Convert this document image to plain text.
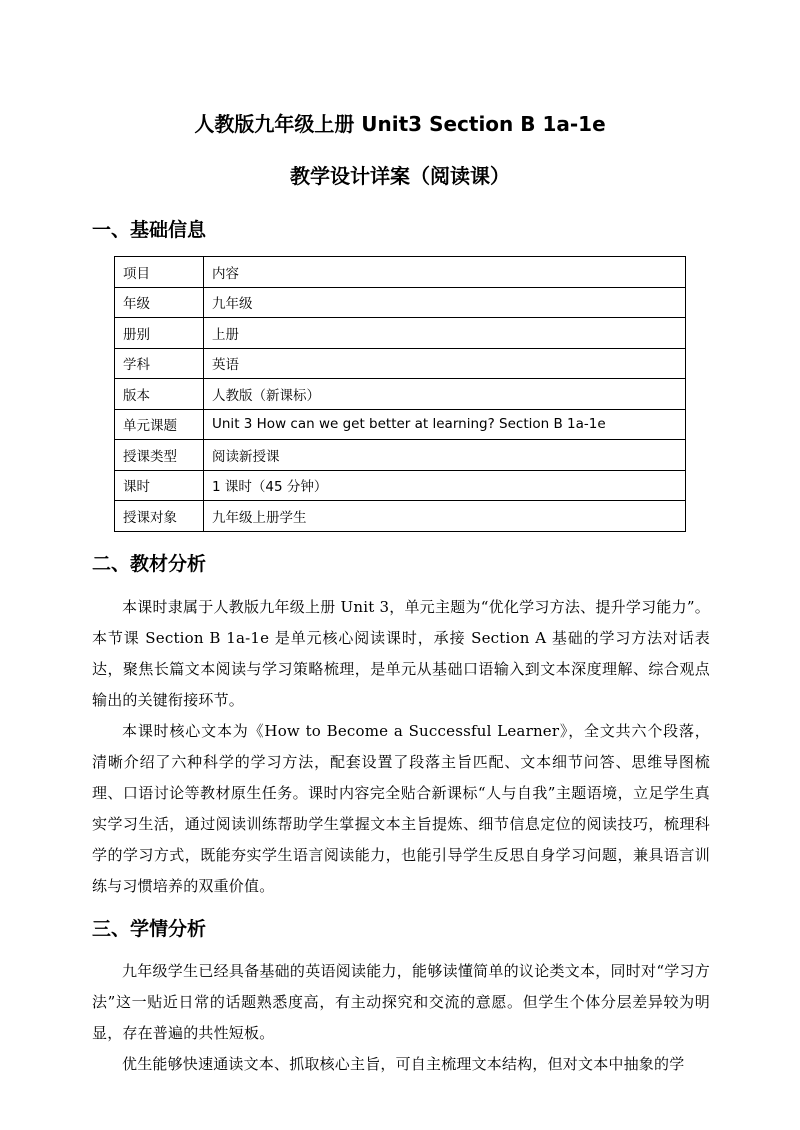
人教版九年级上册 Unit3 Section B 1a-1e
教学设计详案（阅读课）
一、基础信息
项目	内容
年级	九年级
册别	上册
学科	英语
版本	人教版（新课标）
单元课题	Unit 3 How can we get better at learning? Section B 1a-1e
授课类型	阅读新授课
课时	1 课时（45 分钟）
授课对象	九年级上册学生
二、教材分析

本课时隶属于人教版九年级上册 Unit 3，单元主题为“优化学习方法、提升学习能力”。本节课 Section B 1a-1e 是单元核心阅读课时，承接 Section A 基础的学习方法对话表达，聚焦长篇文本阅读与学习策略梳理，是单元从基础口语输入到文本深度理解、综合观点输出的关键衔接环节。

本课时核心文本为《How to Become a Successful Learner》，全文共六个段落，清晰介绍了六种科学的学习方法，配套设置了段落主旨匹配、文本细节问答、思维导图梳理、口语讨论等教材原生任务。课时内容完全贴合新课标“人与自我”主题语境，立足学生真实学习生活，通过阅读训练帮助学生掌握文本主旨提炼、细节信息定位的阅读技巧，梳理科学的学习方式，既能夯实学生语言阅读能力，也能引导学生反思自身学习问题，兼具语言训练与习惯培养的双重价值。

三、学情分析

九年级学生已经具备基础的英语阅读能力，能够读懂简单的议论类文本，同时对“学习方法”这一贴近日常的话题熟悉度高，有主动探究和交流的意愿。但学生个体分层差异较为明显，存在普遍的共性短板。

优生能够快速通读文本、抓取核心主旨，可自主梳理文本结构，但对文本中抽象的学
